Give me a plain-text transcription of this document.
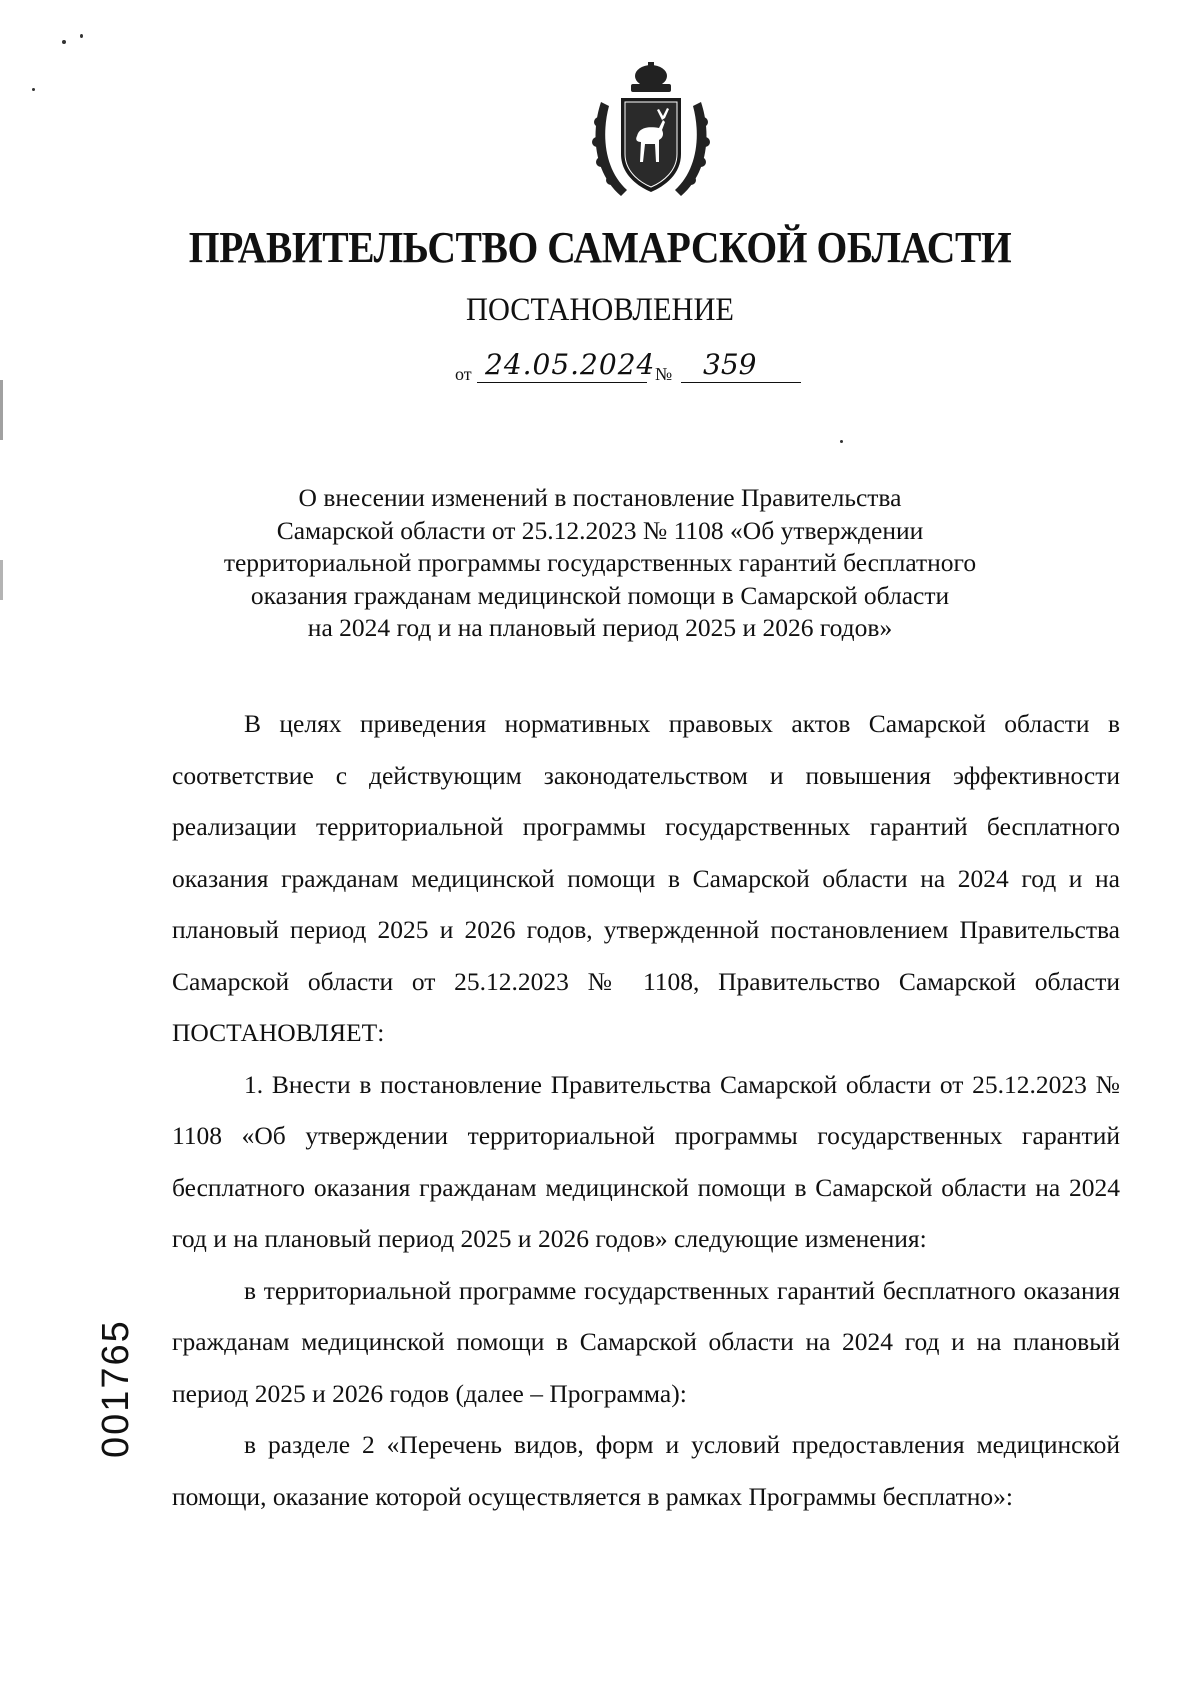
ПРАВИТЕЛЬСТВО САМАРСКОЙ ОБЛАСТИ
ПОСТАНОВЛЕНИЕ
от 24.05.2024 № 359
О внесении изменений в постановление Правительства
Самарской области от 25.12.2023 № 1108 «Об утверждении
территориальной программы государственных гарантий бесплатного
оказания гражданам медицинской помощи в Самарской области
на 2024 год и на плановый период 2025 и 2026 годов»

В целях приведения нормативных правовых актов Самарской области в соответствие с действующим законодательством и повышения эффективности реализации территориальной программы государственных гарантий бесплатного оказания гражданам медицинской помощи в Самарской области на 2024 год и на плановый период 2025 и 2026 годов, утвержденной постановлением Правительства Самарской области от 25.12.2023 № 1108, Правительство Самарской области ПОСТАНОВЛЯЕТ:

1. Внести в постановление Правительства Самарской области от 25.12.2023 № 1108 «Об утверждении территориальной программы государственных гарантий бесплатного оказания гражданам медицинской помощи в Самарской области на 2024 год и на плановый период 2025 и 2026 годов» следующие изменения:

в территориальной программе государственных гарантий бесплатного оказания гражданам медицинской помощи в Самарской области на 2024 год и на плановый период 2025 и 2026 годов (далее – Программа):

в разделе 2 «Перечень видов, форм и условий предоставления медицинской помощи, оказание которой осуществляется в рамках Программы бесплатно»:

001765
